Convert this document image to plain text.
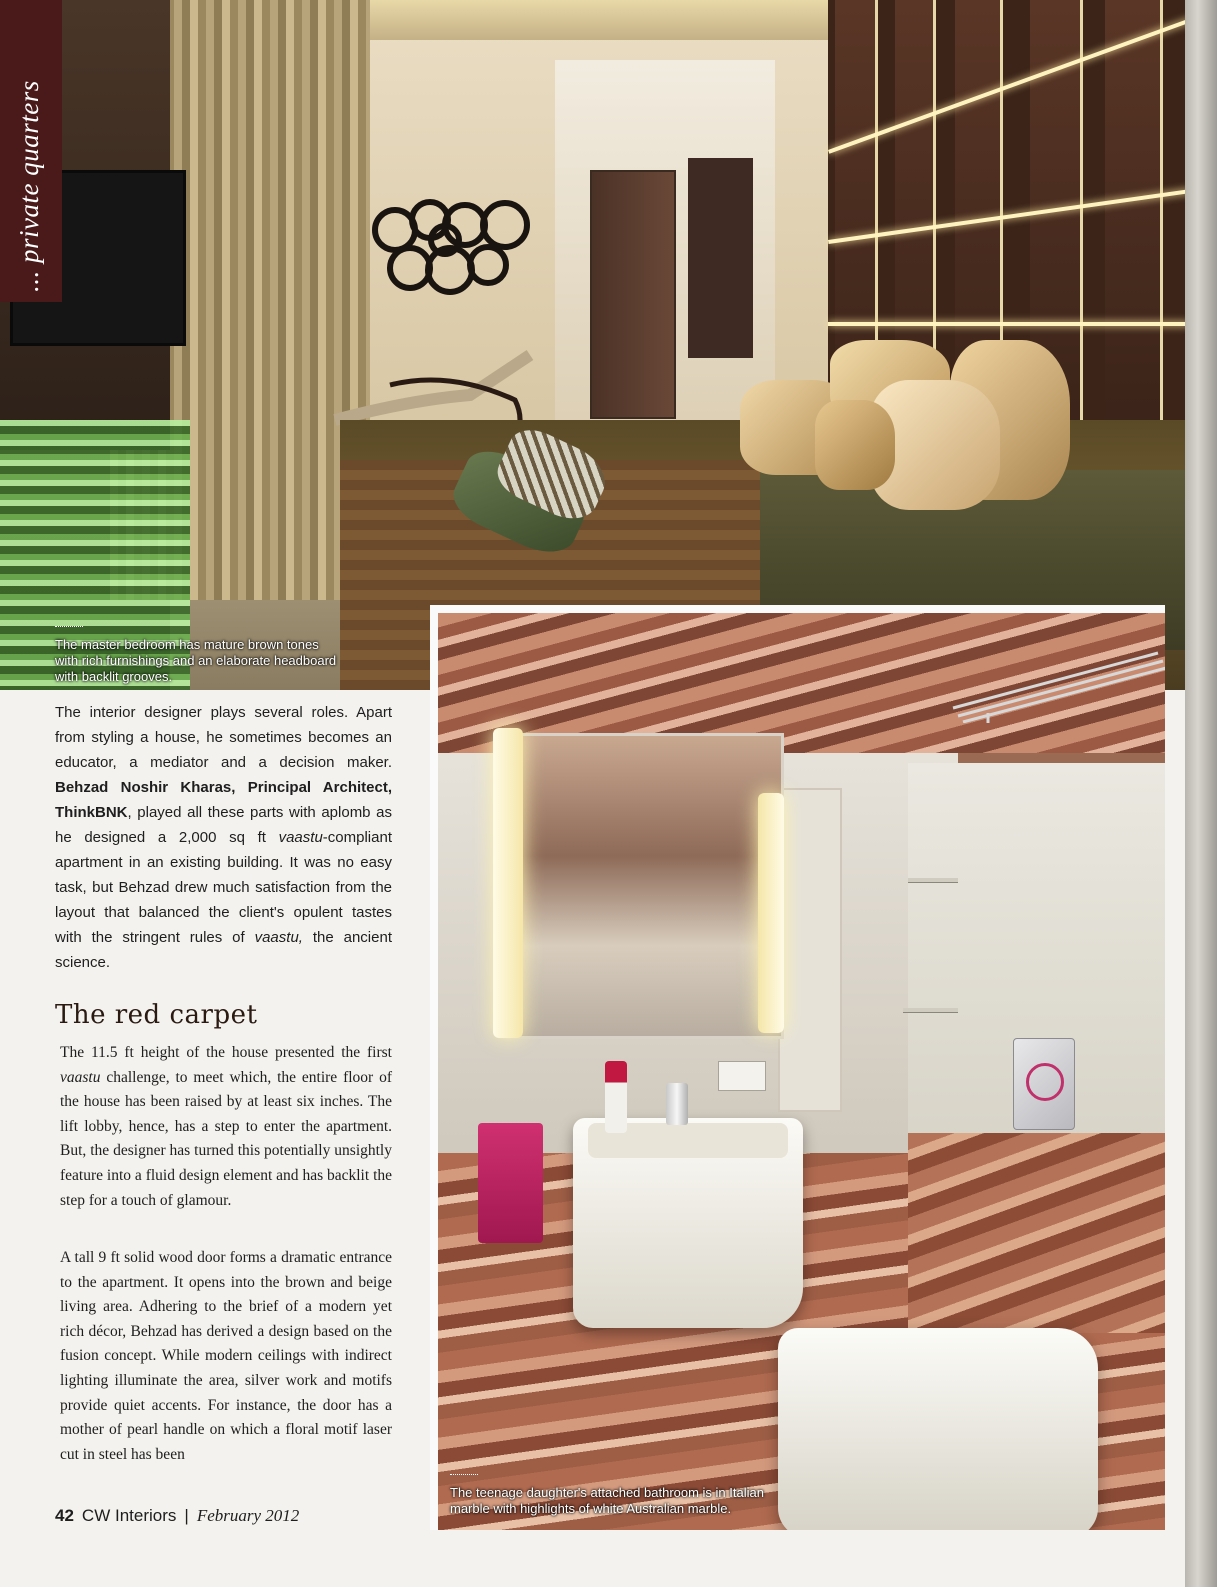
The master bedroom has mature brown tones with rich furnishings and an elaborate headboard with backlit grooves.
... private quarters
The teenage daughter's attached bathroom is in Italian marble with highlights of white Australian marble.

The interior designer plays several roles. Apart from styling a house, he sometimes becomes an educator, a mediator and a decision maker. Behzad Noshir Kharas, Principal Architect, ThinkBNK, played all these parts with aplomb as he designed a 2,000 sq ft vaastu-compliant apartment in an existing building. It was no easy task, but Behzad drew much satisfaction from the layout that balanced the client's opulent tastes with the stringent rules of vaastu, the ancient science.

The red carpet

The 11.5 ft height of the house presented the first vaastu challenge, to meet which, the entire floor of the house has been raised by at least six inches. The lift lobby, hence, has a step to enter the apartment. But, the designer has turned this potentially unsightly feature into a fluid design element and has backlit the step for a touch of glamour.

A tall 9 ft solid wood door forms a dramatic entrance to the apartment. It opens into the brown and beige living area. Adhering to the brief of a modern yet rich décor, Behzad has derived a design based on the fusion concept. While modern ceilings with indirect lighting illuminate the area, silver work and motifs provide quiet accents. For instance, the door has a mother of pearl handle on which a floral motif laser cut in steel has been

42 CW Interiors | February 2012
